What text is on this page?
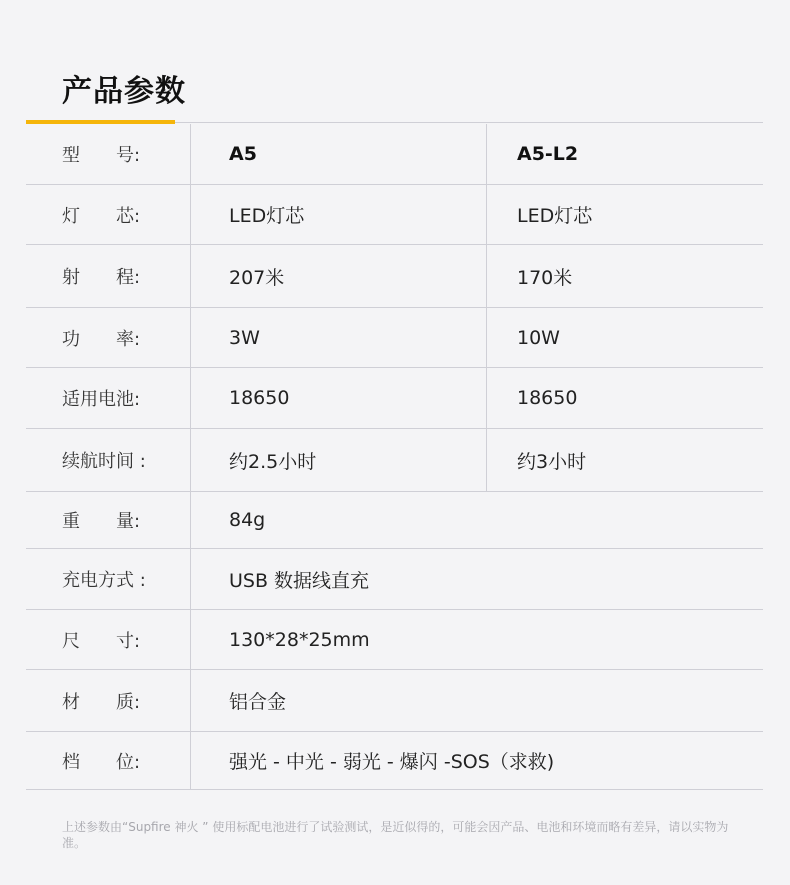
产品参数
型　　号:	A5	A5-L2
灯　　芯:	LED灯芯	LED灯芯
射　　程:	207米	170米
功　　率:	3W	10W
适用电池:	18650	18650
续航时间 :	约2.5小时	约3小时
重　　量:	84g
充电方式 :	USB 数据线直充
尺　　寸:	130*28*25mm
材　　质:	铝合金
档　　位:	强光 - 中光 - 弱光 - 爆闪 -SOS（求救)
上述参数由“Supfire 神火 ” 使用标配电池进行了试验测试，是近似得的，可能会因产品、电池和环境而略有差异，请以实物为准。
